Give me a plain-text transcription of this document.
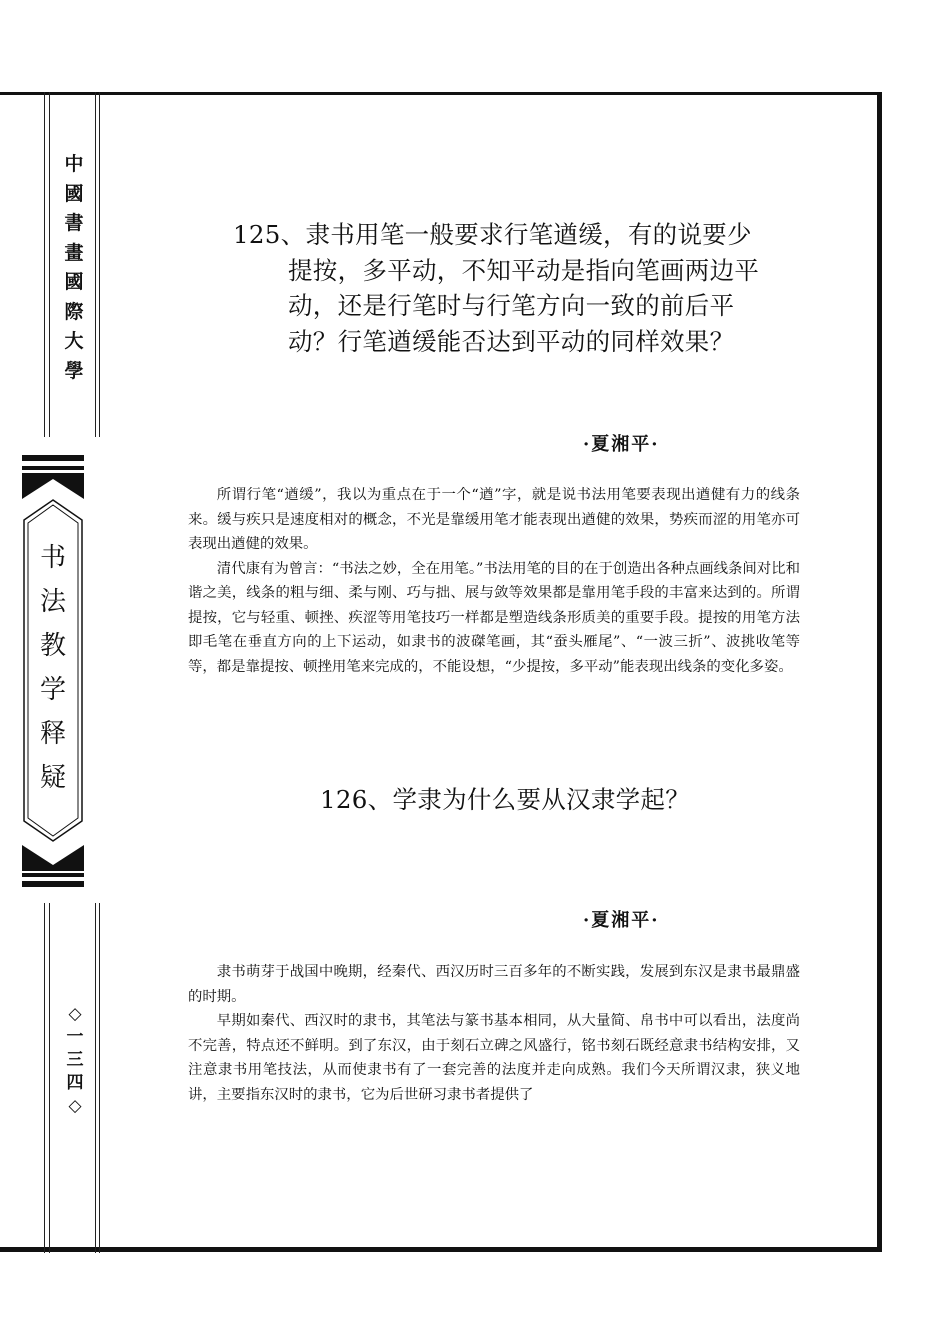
中
國
書
畫
國
際
大
學
书
法
教
学
释
疑
◇
一
三
四
◇
125、隶书用笔一般要求行笔遒缓，有的说要少
提按，多平动，不知平动是指向笔画两边平
动，还是行笔时与行笔方向一致的前后平
动？行笔遒缓能否达到平动的同样效果？
·夏湘平·

所谓行笔“遒缓”，我以为重点在于一个“遒”字，就是说书法用笔要表现出遒健有力的线条来。缓与疾只是速度相对的概念，不光是靠缓用笔才能表现出遒健的效果，势疾而涩的用笔亦可表现出遒健的效果。

清代康有为曾言：“书法之妙，全在用笔。”书法用笔的目的在于创造出各种点画线条间对比和谐之美，线条的粗与细、柔与刚、巧与拙、展与敛等效果都是靠用笔手段的丰富来达到的。所谓提按，它与轻重、顿挫、疾涩等用笔技巧一样都是塑造线条形质美的重要手段。提按的用笔方法即毛笔在垂直方向的上下运动，如隶书的波磔笔画，其“蚕头雁尾”、“一波三折”、波挑收笔等等，都是靠提按、顿挫用笔来完成的，不能设想，“少提按，多平动”能表现出线条的变化多姿。

126、学隶为什么要从汉隶学起？
·夏湘平·

隶书萌芽于战国中晚期，经秦代、西汉历时三百多年的不断实践，发展到东汉是隶书最鼎盛的时期。

早期如秦代、西汉时的隶书，其笔法与篆书基本相同，从大量简、帛书中可以看出，法度尚不完善，特点还不鲜明。到了东汉，由于刻石立碑之风盛行，铭书刻石既经意隶书结构安排，又注意隶书用笔技法，从而使隶书有了一套完善的法度并走向成熟。我们今天所谓汉隶，狭义地讲，主要指东汉时的隶书，它为后世研习隶书者提供了
